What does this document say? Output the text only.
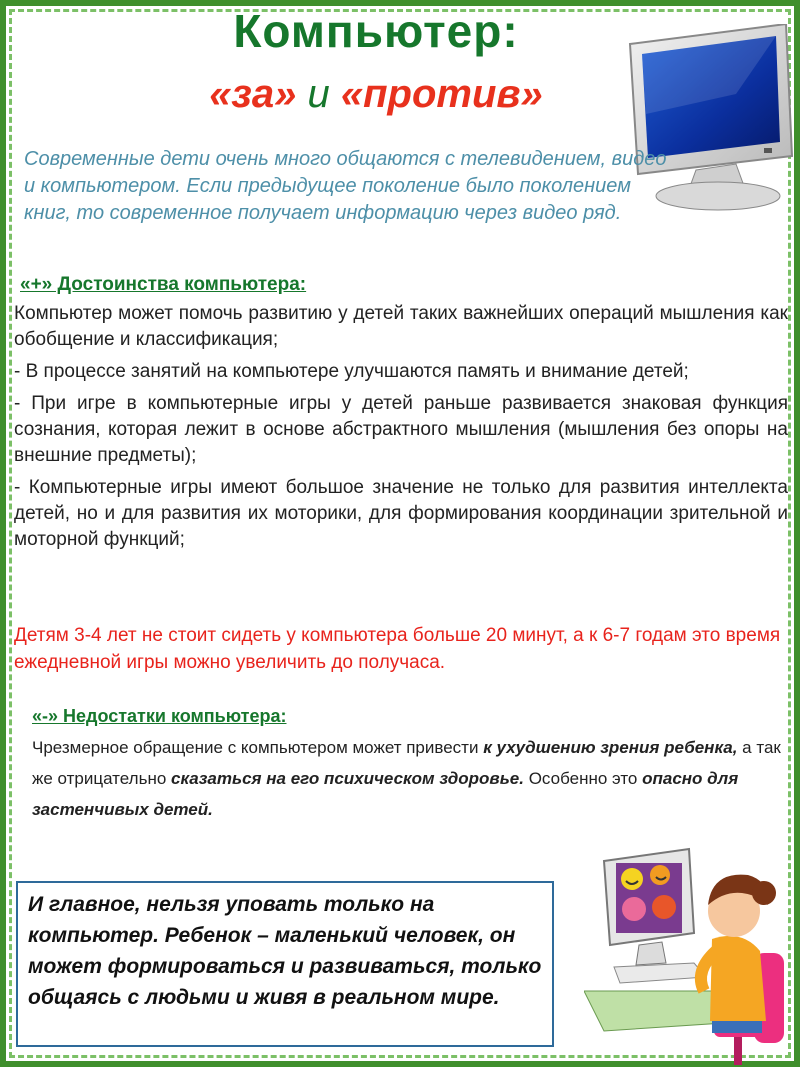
Компьютер:
«за» и «против»
Современные дети очень много общаются с телевидением, видео и компьютером. Если предыдущее поколение было поколением книг, то современное получает информацию через видео ряд.
«+» Достоинства компьютера:

Компьютер может помочь развитию у детей таких важнейших операций мышления как обобщение и классификация;

- В процессе занятий на компьютере улучшаются память и внимание детей;

- При игре в компьютерные игры у детей раньше развивается знаковая функция сознания, которая лежит в основе абстрактного мышления (мышления без опоры на внешние предметы);

- Компьютерные игры имеют большое значение не только для развития интеллекта детей, но и для развития их моторики, для формирования координации зрительной и моторной функций;

Детям 3-4 лет не стоит сидеть у компьютера больше 20 минут, а к 6-7 годам это время ежедневной игры можно увеличить до получаса.
«-» Недостатки компьютера:
Чрезмерное обращение с компьютером может привести к ухудшению зрения ребенка, а так же отрицательно сказаться на его психическом здоровье. Особенно это опасно для застенчивых детей.
И главное, нельзя уповать только на компьютер. Ребенок – маленький человек, он может формироваться и развиваться, только общаясь с людьми и живя в реальном мире.
